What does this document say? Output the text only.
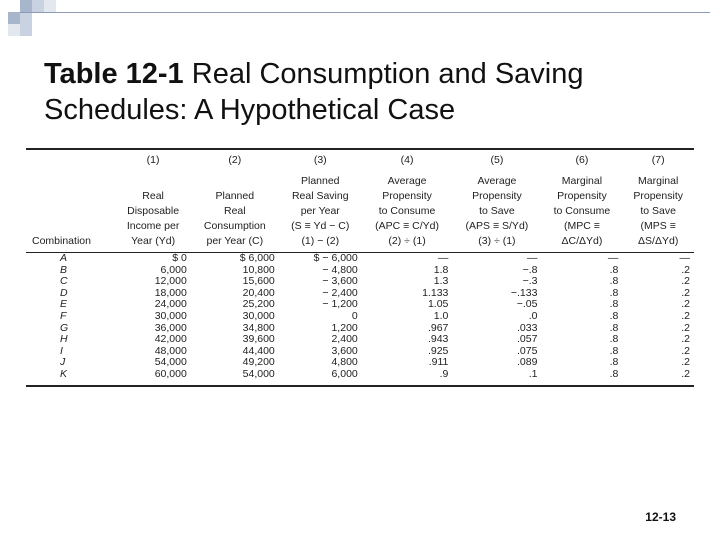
Table 12-1 Real Consumption and Saving Schedules: A Hypothetical Case
	(1)	(2)	(3)	(4)	(5)	(6)	(7)
Combination	Real
Disposable
Income per
Year (Yd)	Planned
Real
Consumption
per Year (C)	Planned
Real Saving
per Year
(S ≡ Yd − C)
(1) − (2)	Average
Propensity
to Consume
(APC ≡ C/Yd)
(2) ÷ (1)	Average
Propensity
to Save
(APS ≡ S/Yd)
(3) ÷ (1)	Marginal
Propensity
to Consume
(MPC ≡
ΔC/ΔYd)	Marginal
Propensity
to Save
(MPS ≡
ΔS/ΔYd)

A	$ 0	$ 6,000	$ − 6,000	—	—	—	—
B	6,000	10,800	− 4,800	1.8	−.8	.8	.2
C	12,000	15,600	− 3,600	1.3	−.3	.8	.2
D	18,000	20,400	− 2,400	1.133	−.133	.8	.2
E	24,000	25,200	− 1,200	1.05	−.05	.8	.2
F	30,000	30,000	0	1.0	.0	.8	.2
G	36,000	34,800	1,200	.967	.033	.8	.2
H	42,000	39,600	2,400	.943	.057	.8	.2
I	48,000	44,400	3,600	.925	.075	.8	.2
J	54,000	49,200	4,800	.911	.089	.8	.2
K	60,000	54,000	6,000	.9	.1	.8	.2
12-13
